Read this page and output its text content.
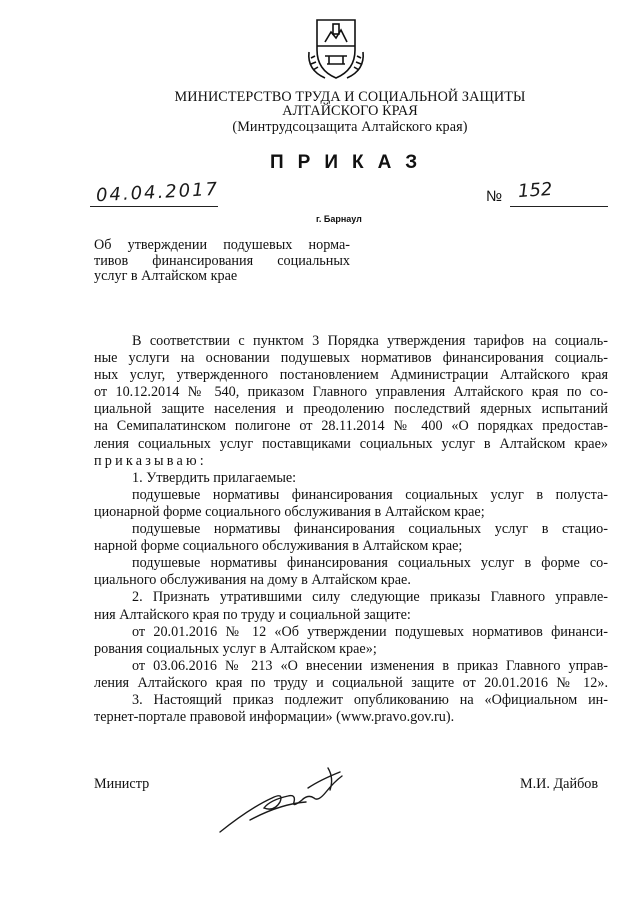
МИНИСТЕРСТВО ТРУДА И СОЦИАЛЬНОЙ ЗАЩИТЫ
АЛТАЙСКОГО КРАЯ
(Минтрудсоцзащита Алтайского края)
ПРИКАЗ
04.04.2017	№ 152
г. Барнаул
Об утверждении подушевых норма-
тивов финансирования социальных
услуг в Алтайском крае
В соответствии с пунктом 3 Порядка утверждения тарифов на социаль-
ные услуги на основании подушевых нормативов финансирования социаль-
ных услуг, утвержденного постановлением Администрации Алтайского края
от 10.12.2014 № 540, приказом Главного управления Алтайского края по со-
циальной защите населения и преодолению последствий ядерных испытаний
на Семипалатинском полигоне от 28.11.2014 № 400 «О порядках предостав-
ления социальных услуг поставщиками социальных услуг в Алтайском крае»
приказываю:
1. Утвердить прилагаемые:
подушевые нормативы финансирования социальных услуг в полуста-
ционарной форме социального обслуживания в Алтайском крае;
подушевые нормативы финансирования социальных услуг в стацио-
нарной форме социального обслуживания в Алтайском крае;
подушевые нормативы финансирования социальных услуг в форме со-
циального обслуживания на дому в Алтайском крае.
2. Признать утратившими силу следующие приказы Главного управле-
ния Алтайского края по труду и социальной защите:
от 20.01.2016 № 12 «Об утверждении подушевых нормативов финанси-
рования социальных услуг в Алтайском крае»;
от 03.06.2016 № 213 «О внесении изменения в приказ Главного управ-
ления Алтайского края по труду и социальной защите от 20.01.2016 № 12».
3. Настоящий приказ подлежит опубликованию на «Официальном ин-
тернет-портале правовой информации» (www.pravo.gov.ru).
Министр	М.И. Дайбов
